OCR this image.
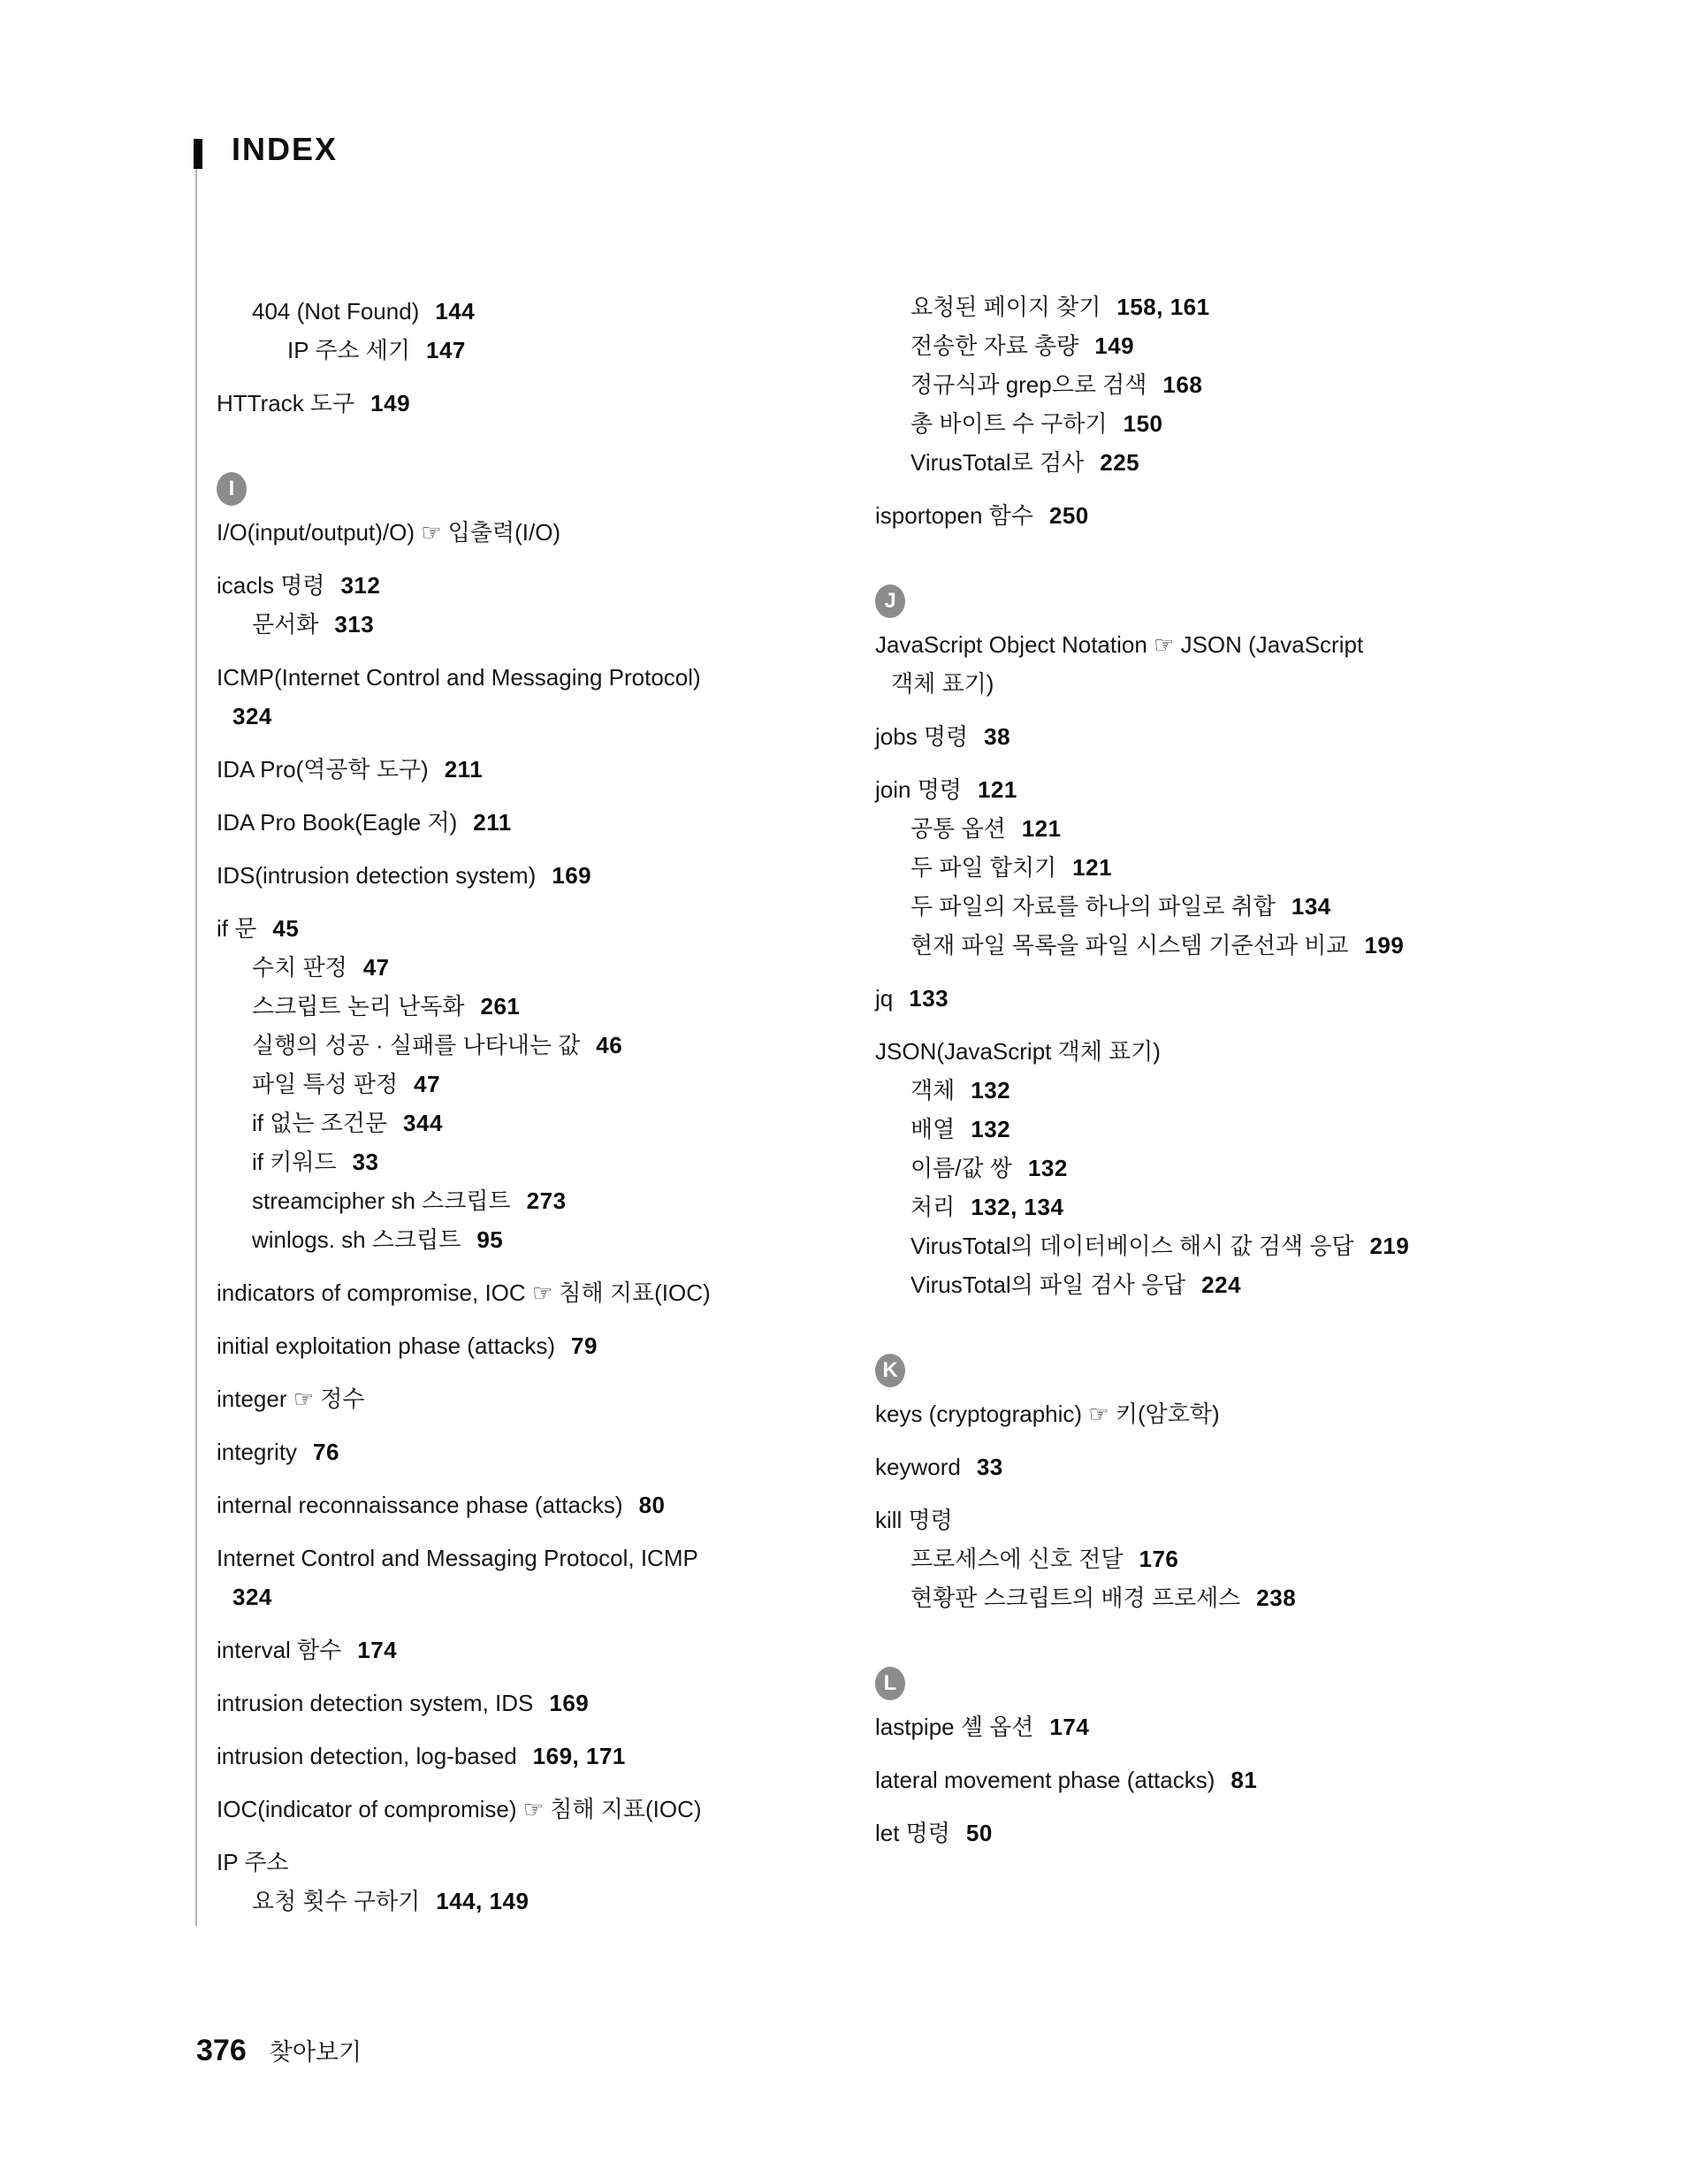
INDEX
404 (Not Found) 144
IP 주소 세기 147
HTTrack 도구 149
I
I/O(input/output)/O) ☞ 입출력(I/O)
icacls 명령 312
문서화 313
ICMP(Internet Control and Messaging Protocol)
324
IDA Pro(역공학 도구) 211
IDA Pro Book(Eagle 저) 211
IDS(intrusion detection system) 169
if 문 45
수치 판정 47
스크립트 논리 난독화 261
실행의 성공 · 실패를 나타내는 값 46
파일 특성 판정 47
if 없는 조건문 344
if 키워드 33
streamcipher sh 스크립트 273
winlogs. sh 스크립트 95
indicators of compromise, IOC ☞ 침해 지표(IOC)
initial exploitation phase (attacks) 79
integer ☞ 정수
integrity 76
internal reconnaissance phase (attacks) 80
Internet Control and Messaging Protocol, ICMP
324
interval 함수 174
intrusion detection system, IDS 169
intrusion detection, log-based 169, 171
IOC(indicator of compromise) ☞ 침해 지표(IOC)
IP 주소
요청 횟수 구하기 144, 149
요청된 페이지 찾기 158, 161
전송한 자료 총량 149
정규식과 grep으로 검색 168
총 바이트 수 구하기 150
VirusTotal로 검사 225
isportopen 함수 250
J
JavaScript Object Notation ☞ JSON (JavaScript
객체 표기)
jobs 명령 38
join 명령 121
공통 옵션 121
두 파일 합치기 121
두 파일의 자료를 하나의 파일로 취합 134
현재 파일 목록을 파일 시스템 기준선과 비교 199
jq 133
JSON(JavaScript 객체 표기)
객체 132
배열 132
이름/값 쌍 132
처리 132, 134
VirusTotal의 데이터베이스 해시 값 검색 응답 219
VirusTotal의 파일 검사 응답 224
K
keys (cryptographic) ☞ 키(암호학)
keyword 33
kill 명령
프로세스에 신호 전달 176
현황판 스크립트의 배경 프로세스 238
L
lastpipe 셸 옵션 174
lateral movement phase (attacks) 81
let 명령 50
376 찾아보기
